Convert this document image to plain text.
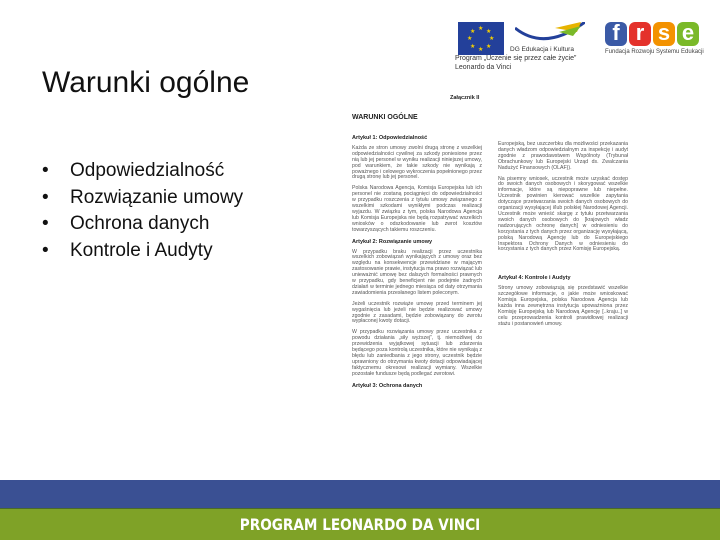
Warunki ogólne
•	Odpowiedzialność
•	Rozwiązanie umowy
•	Ochrona danych
•	Kontrole i Audyty
★ ★
★
★
★
★
★
★
DG Edukacja i Kultura
Program „Uczenie się przez całe życie”
Leonardo da Vinci
f r s e
Fundacja Rozwoju Systemu Edukacji
Załącznik II
WARUNKI OGÓLNE
Artykuł 1: Odpowiedzialność

Każda ze stron umowy zwolni drugą stronę z wszelkiej odpowiedzialności cywilnej za szkody poniesione przez nią lub jej personel w wyniku realizacji niniejszej umowy, pod warunkiem, że takie szkody nie wynikają z poważnego i celowego wykroczenia popełnionego przez drugą stronę lub jej personel.

Polska Narodowa Agencja, Komisja Europejska lub ich personel nie zostaną pociągnięci do odpowiedzialności w przypadku roszczenia z tytułu umowy związanego z wszelkimi szkodami wynikłymi podczas realizacji wyjazdu. W związku z tym, polska Narodowa Agencja lub Komisja Europejska nie będą rozpatrywać wszelkich wniosków o odszkodowanie lub zwrot kosztów towarzyszących takiemu roszczeniu.

Artykuł 2: Rozwiązanie umowy

W przypadku braku realizacji przez uczestnika wszelkich zobowiązań wynikających z umowy oraz bez względu na konsekwencje przewidziane w mającym zastosowanie prawie, instytucja ma prawo rozwiązać lub unieważnić umowę bez dalszych formalności prawnych w przypadku, gdy beneficjent nie podejmie żadnych działań w terminie jednego miesiąca od daty otrzymania zawiadomienia przesłanego listem poleconym.

Jeżeli uczestnik rozwiąże umowę przed terminem jej wygaśnięcia lub jeżeli nie będzie realizować umowy zgodnie z zasadami, będzie zobowiązany do zwrotu wypłaconej kwoty dotacji.

W przypadku rozwiązania umowy przez uczestnika z powodu działania „siły wyższej”, tj. niemożliwej do przewidzenia wyjątkowej sytuacji lub zdarzenia będącego poza kontrolą uczestnika, które nie wynikają z błędu lub zaniedbania z jego strony, uczestnik będzie uprawniony do otrzymania kwoty dotacji odpowiadającej faktycznemu okresowi realizacji wymiany. Wszelkie pozostałe fundusze będą podlegać zwrotowi.

Artykuł 3: Ochrona danych

Europejską, bez uszczerbku dla możliwości przekazania danych władzom odpowiedzialnym za inspekcję i audyt zgodnie z prawodawstwem Wspólnoty (Trybunał Obrachunkowy lub Europejski Urząd ds. Zwalczania Nadużyć Finansowych (OLAF)).

Na pisemny wniosek, uczestnik może uzyskać dostęp do swoich danych osobowych i skorygować wszelkie informacje, które są niepoprawne lub niepełne. Uczestnik powinien kierować wszelkie zapytania dotyczące przetwarzania swoich danych osobowych do organizacji wysyłającej i/lub polskiej Narodowej Agencji. Uczestnik może wnieść skargę z tytułu przetwarzania swoich danych osobowych do [krajowych władz nadzorujących ochronę danych] w odniesieniu do korzystania z tych danych przez organizację wysyłającą, polską Narodową Agencję lub do Europejskiego Inspektora Ochrony Danych w odniesieniu do korzystania z tych danych przez Komisję Europejską.

Artykuł 4: Kontrole i Audyty

Strony umowy zobowiązują się przedstawić wszelkie szczegółowe informacje, o jakie może wnioskować Komisja Europejska, polska Narodowa Agencja lub każda inna zewnętrzna instytucja upoważniona przez Komisję Europejską lub Narodową Agencję [..kraju..] w celu przeprowadzenia kontroli prawidłowej realizacji stażu i postanowień umowy.

PROGRAM LEONARDO DA VINCI
